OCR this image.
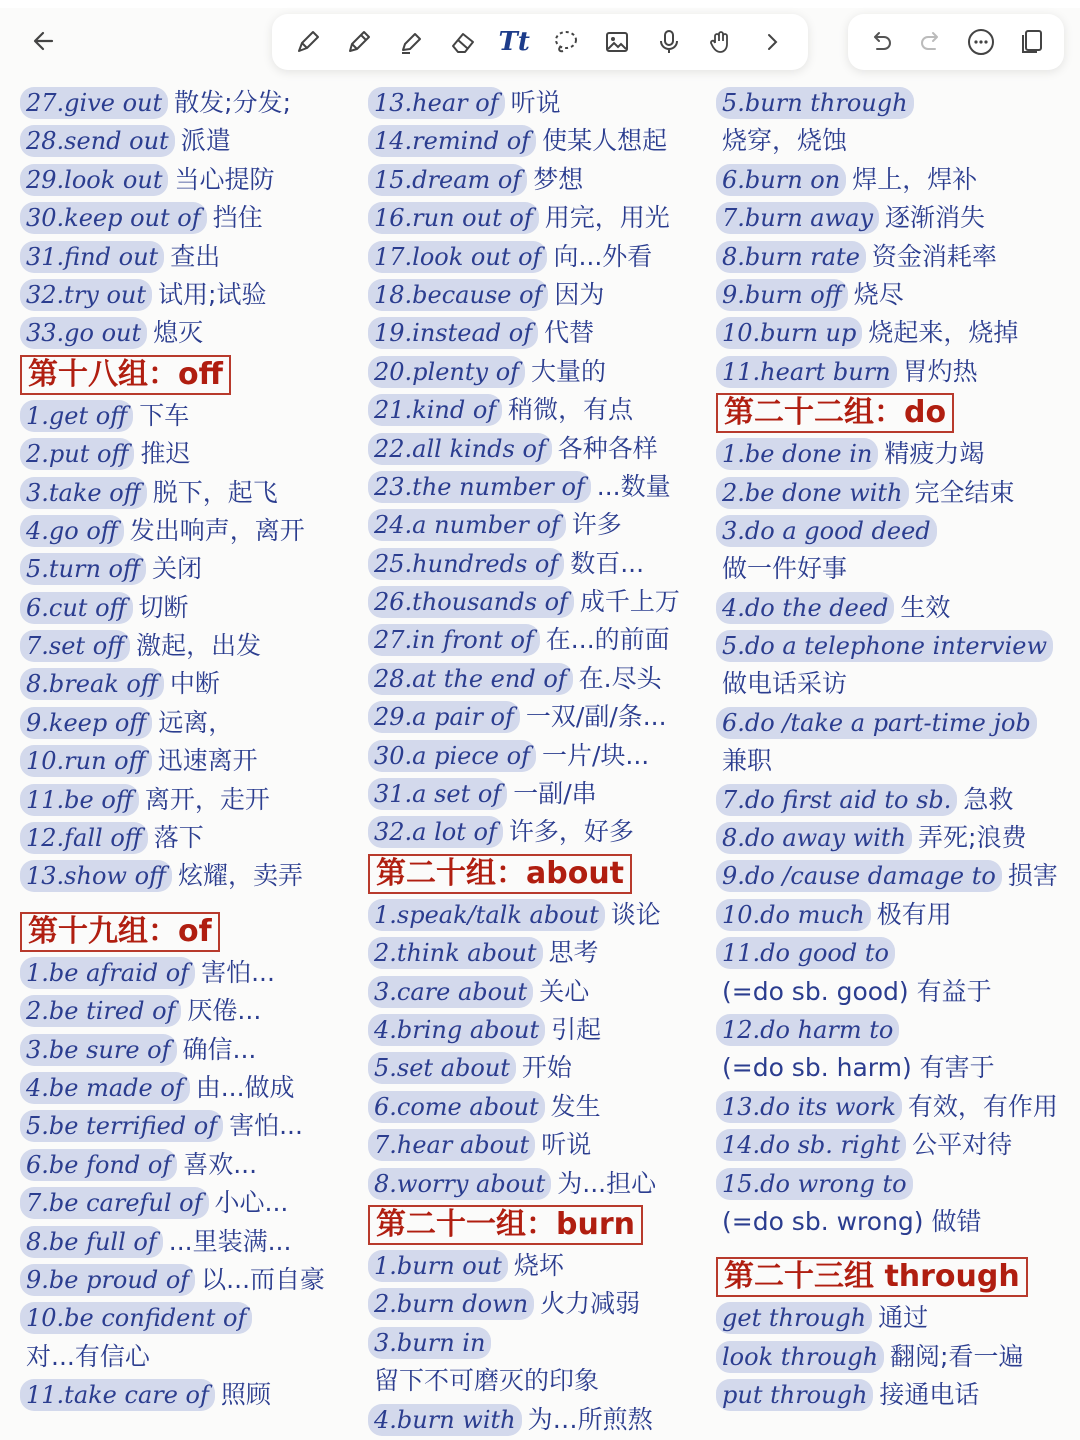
Tt
27.give out 散发;分发;
28.send out 派遣
29.look out 当心提防
30.keep out of 挡住
31.find out 查出
32.try out 试用;试验
33.go out 熄灭
第十八组：off
1.get off 下车
2.put off 推迟
3.take off 脱下，起飞
4.go off 发出响声，离开
5.turn off 关闭
6.cut off 切断
7.set off 激起，出发
8.break off 中断
9.keep off 远离，
10.run off 迅速离开
11.be off 离开，走开
12.fall off 落下
13.show off 炫耀，卖弄
第十九组：of
1.be afraid of 害怕...
2.be tired of 厌倦...
3.be sure of 确信...
4.be made of 由...做成
5.be terrified of 害怕...
6.be fond of 喜欢...
7.be careful of 小心...
8.be full of ...里装满...
9.be proud of 以...而自豪
10.be confident of
对...有信心
11.take care of 照顾
13.hear of 听说
14.remind of 使某人想起
15.dream of 梦想
16.run out of 用完，用光
17.look out of 向...外看
18.because of 因为
19.instead of 代替
20.plenty of 大量的
21.kind of 稍微，有点
22.all kinds of 各种各样
23.the number of ...数量
24.a number of 许多
25.hundreds of 数百...
26.thousands of 成千上万
27.in front of 在...的前面
28.at the end of 在.尽头
29.a pair of 一双/副/条...
30.a piece of 一片/块...
31.a set of 一副/串
32.a lot of 许多，好多
第二十组：about
1.speak/talk about 谈论
2.think about 思考
3.care about 关心
4.bring about 引起
5.set about 开始
6.come about 发生
7.hear about 听说
8.worry about 为...担心
第二十一组：burn
1.burn out 烧坏
2.burn down 火力减弱
3.burn in
留下不可磨灭的印象
4.burn with 为…所煎熬
5.burn through
烧穿，烧蚀
6.burn on 焊上，焊补
7.burn away 逐渐消失
8.burn rate 资金消耗率
9.burn off 烧尽
10.burn up 烧起来，烧掉
11.heart burn 胃灼热
第二十二组：do
1.be done in 精疲力竭
2.be done with 完全结束
3.do a good deed
做一件好事
4.do the deed 生效
5.do a telephone interview
做电话采访
6.do /take a part-time job
兼职
7.do first aid to sb. 急救
8.do away with 弄死;浪费
9.do /cause damage to 损害
10.do much 极有用
11.do good to
(=do sb. good) 有益于
12.do harm to
(=do sb. harm) 有害于
13.do its work 有效，有作用
14.do sb. right 公平对待
15.do wrong to
(=do sb. wrong) 做错
第二十三组 through
get through 通过
look through 翻阅;看一遍
put through 接通电话
